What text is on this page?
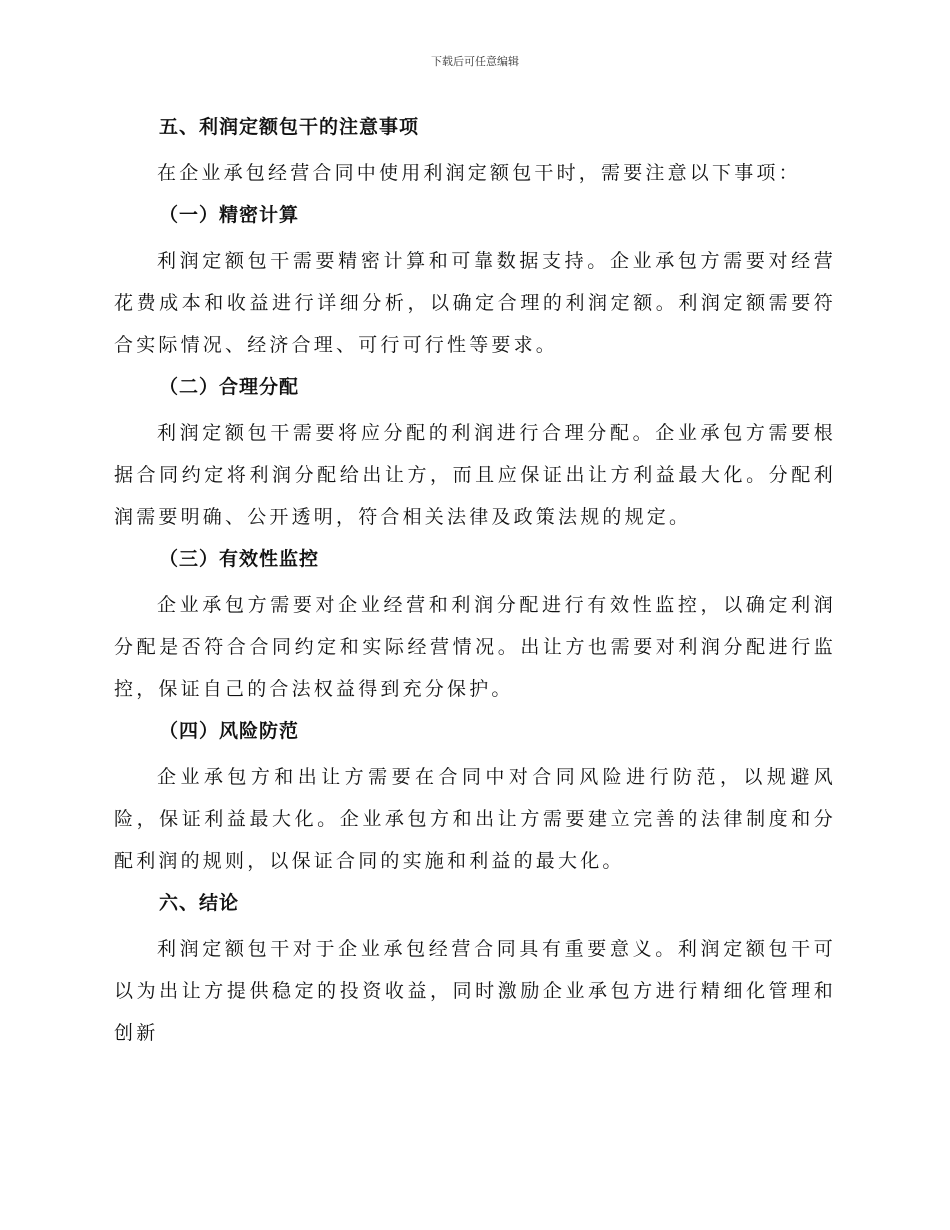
下载后可任意编辑
五、利润定额包干的注意事项

在企业承包经营合同中使用利润定额包干时，需要注意以下事项：

（一）精密计算

利润定额包干需要精密计算和可靠数据支持。企业承包方需要对经营花费成本和收益进行详细分析，以确定合理的利润定额。利润定额需要符合实际情况、经济合理、可行可行性等要求。

（二）合理分配

利润定额包干需要将应分配的利润进行合理分配。企业承包方需要根据合同约定将利润分配给出让方，而且应保证出让方利益最大化。分配利润需要明确、公开透明，符合相关法律及政策法规的规定。

（三）有效性监控

企业承包方需要对企业经营和利润分配进行有效性监控，以确定利润分配是否符合合同约定和实际经营情况。出让方也需要对利润分配进行监控，保证自己的合法权益得到充分保护。

（四）风险防范

企业承包方和出让方需要在合同中对合同风险进行防范，以规避风险，保证利益最大化。企业承包方和出让方需要建立完善的法律制度和分配利润的规则，以保证合同的实施和利益的最大化。

六、结论

利润定额包干对于企业承包经营合同具有重要意义。利润定额包干可以为出让方提供稳定的投资收益，同时激励企业承包方进行精细化管理和创新
